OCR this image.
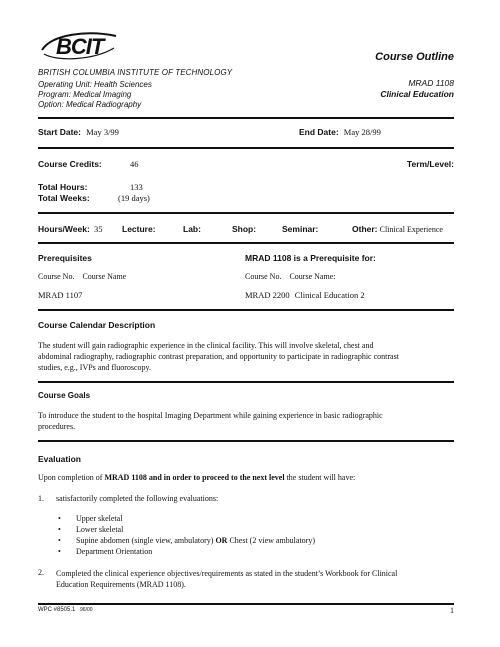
BCIT	Course Outline
BRITISH COLUMBIA INSTITUTE OF TECHNOLOGY
Operating Unit: Health Sciences
Program: Medical Imaging
Option: Medical Radiography
MRAD 1108
Clinical Education
Start Date: May 3/99	End Date: May 28/99
Course Credits:	46	Term/Level:
Total Hours:	133
Total Weeks:	(19 days)
Hours/Week: 35 Lecture:	Lab:	Shop:	Seminar:	Other: Clinical Experience
Prerequisites	MRAD 1108 is a Prerequisite for:
Course No. Course Name	Course No. Course Name:
MRAD 1107	MRAD 2200 Clinical Education 2
Course Calendar Description
The student will gain radiographic experience in the clinical facility. This will involve skeletal, chest and
abdominal radiography, radiographic contrast preparation, and opportunity to participate in radiographic contrast
studies, e.g., IVPs and fluoroscopy.
Course Goals
To introduce the student to the hospital Imaging Department while gaining experience in basic radiographic
procedures.
Evaluation
Upon completion of MRAD 1108 and in order to proceed to the next level the student will have:
1. satisfactorily completed the following evaluations:
• Upper skeletal
• Lower skeletal
• Supine abdomen (single view, ambulatory) OR Chest (2 view ambulatory)
• Department Orientation
2. Completed the clinical experience objectives/requirements as stated in the student’s Workbook for Clinical
Education Requirements (MRAD 1108).
WPC #8505.1 96/00	1
